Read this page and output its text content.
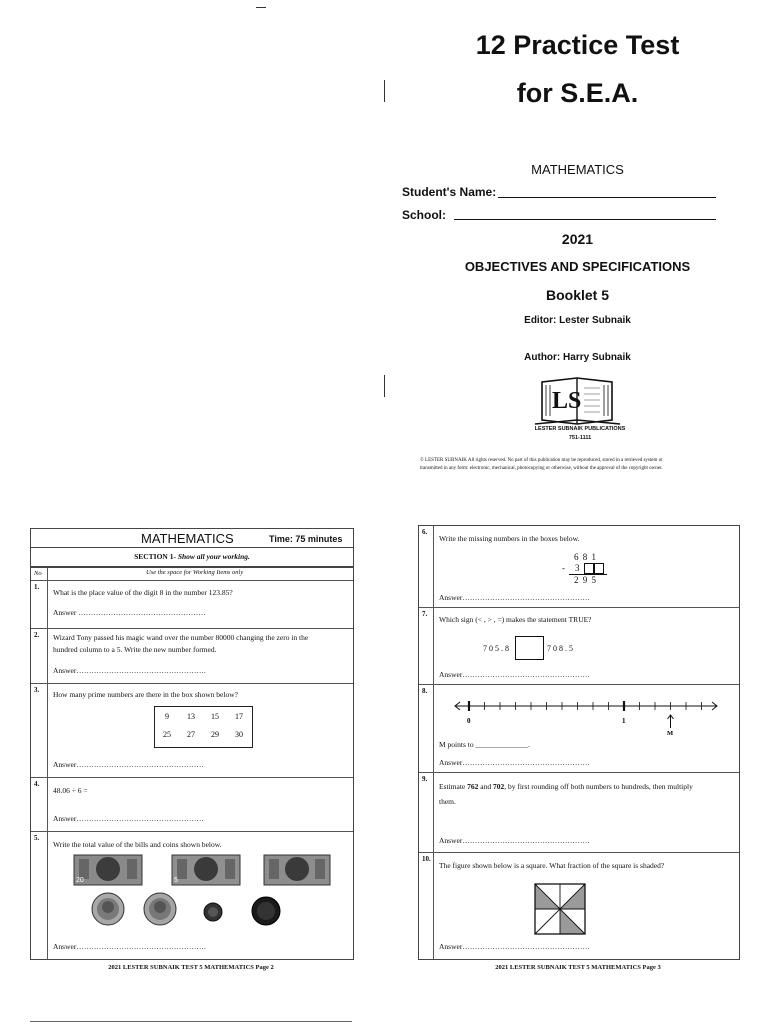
12 Practice Test
for S.E.A.
MATHEMATICS
Student's Name:
School:
2021
OBJECTIVES AND SPECIFICATIONS
Booklet 5
Editor: Lester Subnaik
Author: Harry Subnaik
LS
LESTER SUBNAIK PUBLICATIONS
751-1111
© LESTER SUBNAIK All rights reserved. No part of this publication may be reproduced, stored in a retrieved system or
transmitted in any form: electronic, mechanical, photocopying or otherwise, without the approval of the copyright owner.
MATHEMATICS	Time: 75 minutes
SECTION 1- Show all your working.
No	Use the space for Working Items only
1.
What is the place value of the digit 8 in the number 123.85?
Answer ……………………………………………
2. Wizard Tony passed his magic wand over the number 80000 changing the zero in the
hundred column to a 5. Write the new number formed.
Answer…………………………………………….
3. How many prime numbers are there in the box shown below?
9	13	15	17
25	27	29	30
Answer……………………………………………
4.
48.06 ÷ 6 =
Answer……………………………………………
5.
Write the total value of the bills and coins shown below.
20	5
Answer…………………………………………….
2021 LESTER SUBNAIK TEST 5 MATHEMATICS Page 2
6.
Write the missing numbers in the boxes below.
6 8 1
- 3
2 9 5
Answer……………………………………………
7.
Which sign (< , > , =) makes the statement TRUE?
7 0 5 . 8	7 0 8 . 5
Answer……………………………………………
8.
0	1
M
M points to ______________.
Answer……………………………………………
9.
Estimate 762 and 702, by first rounding off both numbers to hundreds, then multiply
them.
Answer……………………………………………
10.
The figure shown below is a square. What fraction of the square is shaded?
Answer……………………………………………
2021 LESTER SUBNAIK TEST 5 MATHEMATICS Page 3
